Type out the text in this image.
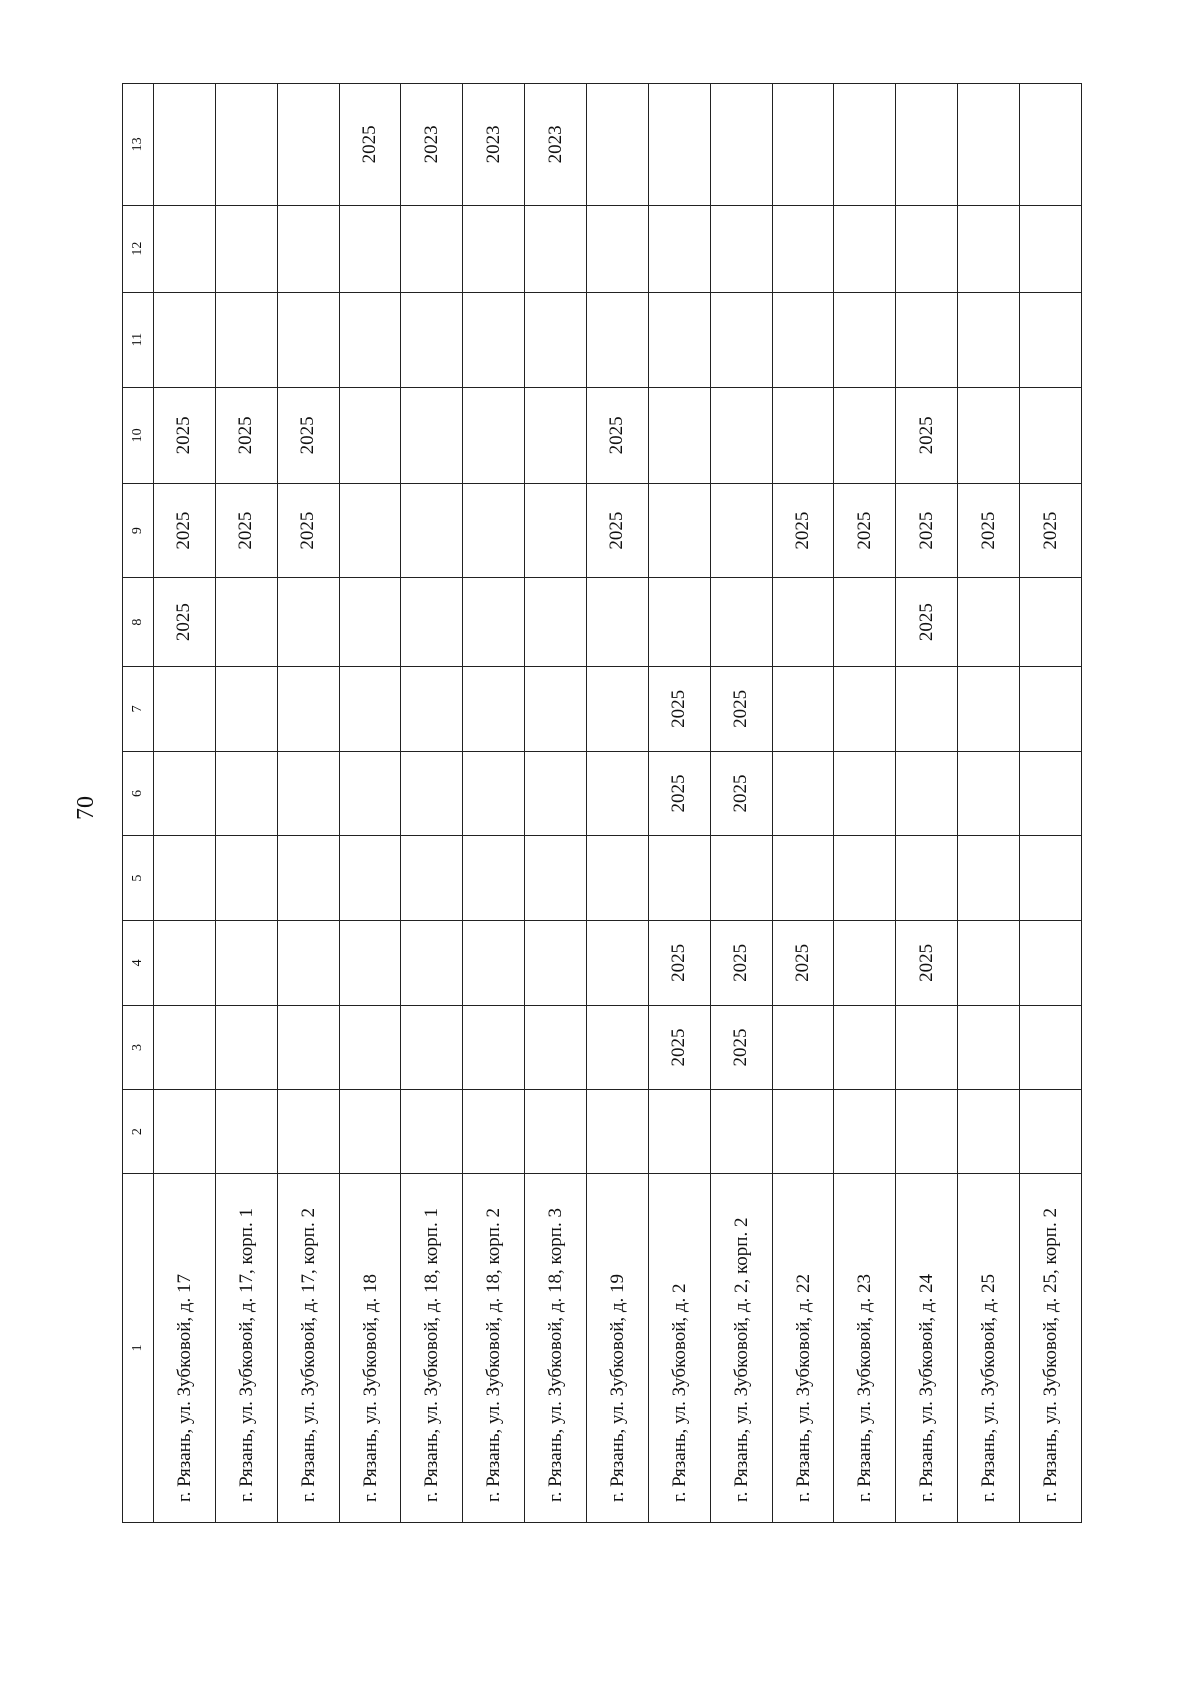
70
1	2	3	4	5	6	7	8	9	10	11	12	13
г. Рязань, ул. Зубковой, д. 17							2025	2025	2025			
г. Рязань, ул. Зубковой, д. 17, корп. 1								2025	2025			
г. Рязань, ул. Зубковой, д. 17, корп. 2								2025	2025			
г. Рязань, ул. Зубковой, д. 18												2025
г. Рязань, ул. Зубковой, д. 18, корп. 1												2023
г. Рязань, ул. Зубковой, д. 18, корп. 2												2023
г. Рязань, ул. Зубковой, д. 18, корп. 3												2023
г. Рязань, ул. Зубковой, д. 19								2025	2025			
г. Рязань, ул. Зубковой, д. 2		2025	2025		2025	2025						
г. Рязань, ул. Зубковой, д. 2, корп. 2		2025	2025		2025	2025						
г. Рязань, ул. Зубковой, д. 22			2025					2025				
г. Рязань, ул. Зубковой, д. 23								2025				
г. Рязань, ул. Зубковой, д. 24			2025				2025	2025	2025			
г. Рязань, ул. Зубковой, д. 25								2025				
г. Рязань, ул. Зубковой, д. 25, корп. 2								2025				
